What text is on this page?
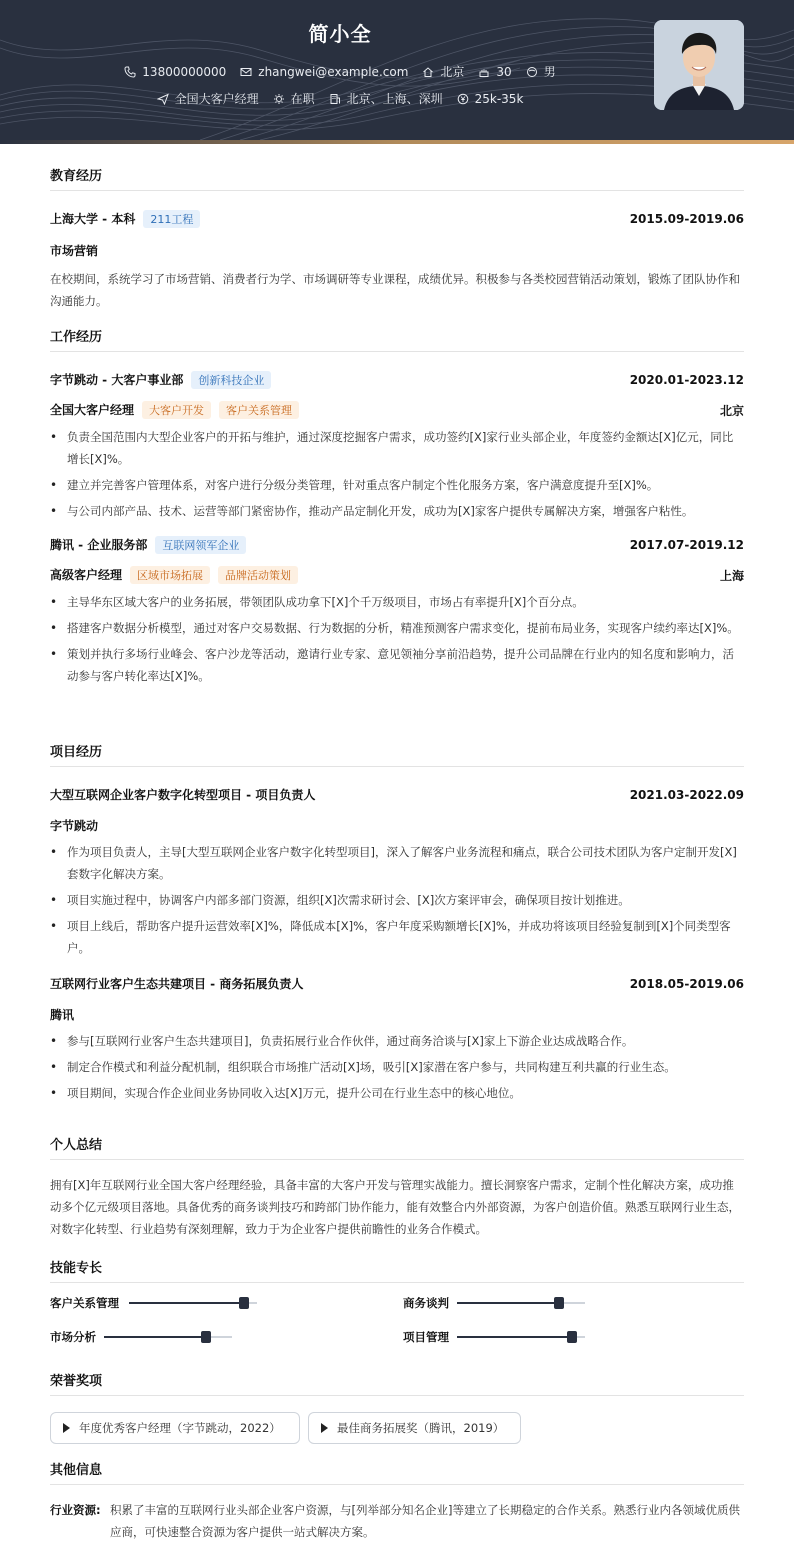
简小全
13800000000	zhangwei@example.com	北京	30	男
全国大客户经理	在职	北京、上海、深圳	25k-35k
教育经历
上海大学 - 本科 211工程	2015.09-2019.06
市场营销
在校期间，系统学习了市场营销、消费者行为学、市场调研等专业课程，成绩优异。积极参与各类校园营销活动策划，锻炼了团队协作和沟通能力。
工作经历
字节跳动 - 大客户事业部 创新科技企业	2020.01-2023.12
全国大客户经理 大客户开发 客户关系管理	北京
• 负责全国范围内大型企业客户的开拓与维护，通过深度挖掘客户需求，成功签约[X]家行业头部企业，年度签约金额达[X]亿元，同比增长[X]%。
• 建立并完善客户管理体系，对客户进行分级分类管理，针对重点客户制定个性化服务方案，客户满意度提升至[X]%。
• 与公司内部产品、技术、运营等部门紧密协作，推动产品定制化开发，成功为[X]家客户提供专属解决方案，增强客户粘性。
腾讯 - 企业服务部 互联网领军企业	2017.07-2019.12
高级客户经理 区域市场拓展 品牌活动策划	上海
• 主导华东区域大客户的业务拓展，带领团队成功拿下[X]个千万级项目，市场占有率提升[X]个百分点。
• 搭建客户数据分析模型，通过对客户交易数据、行为数据的分析，精准预测客户需求变化，提前布局业务，实现客户续约率达[X]%。
• 策划并执行多场行业峰会、客户沙龙等活动，邀请行业专家、意见领袖分享前沿趋势，提升公司品牌在行业内的知名度和影响力，活动参与客户转化率达[X]%。
项目经历
大型互联网企业客户数字化转型项目 - 项目负责人	2021.03-2022.09
字节跳动
• 作为项目负责人，主导[大型互联网企业客户数字化转型项目]，深入了解客户业务流程和痛点，联合公司技术团队为客户定制开发[X]套数字化解决方案。
• 项目实施过程中，协调客户内部多部门资源，组织[X]次需求研讨会、[X]次方案评审会，确保项目按计划推进。
• 项目上线后，帮助客户提升运营效率[X]%，降低成本[X]%，客户年度采购额增长[X]%，并成功将该项目经验复制到[X]个同类型客户。
互联网行业客户生态共建项目 - 商务拓展负责人	2018.05-2019.06
腾讯
• 参与[互联网行业客户生态共建项目]，负责拓展行业合作伙伴，通过商务洽谈与[X]家上下游企业达成战略合作。
• 制定合作模式和利益分配机制，组织联合市场推广活动[X]场，吸引[X]家潜在客户参与，共同构建互利共赢的行业生态。
• 项目期间，实现合作企业间业务协同收入达[X]万元，提升公司在行业生态中的核心地位。
个人总结
拥有[X]年互联网行业全国大客户经理经验，具备丰富的大客户开发与管理实战能力。擅长洞察客户需求，定制个性化解决方案，成功推动多个亿元级项目落地。具备优秀的商务谈判技巧和跨部门协作能力，能有效整合内外部资源，为客户创造价值。熟悉互联网行业生态，对数字化转型、行业趋势有深刻理解，致力于为企业客户提供前瞻性的业务合作模式。
技能专长
客户关系管理	商务谈判
市场分析	项目管理
荣誉奖项
年度优秀客户经理（字节跳动，2022）	最佳商务拓展奖（腾讯，2019）
其他信息
行业资源: 积累了丰富的互联网行业头部企业客户资源，与[列举部分知名企业]等建立了长期稳定的合作关系。熟悉行业内各领域优质供应商，可快速整合资源为客户提供一站式解决方案。
